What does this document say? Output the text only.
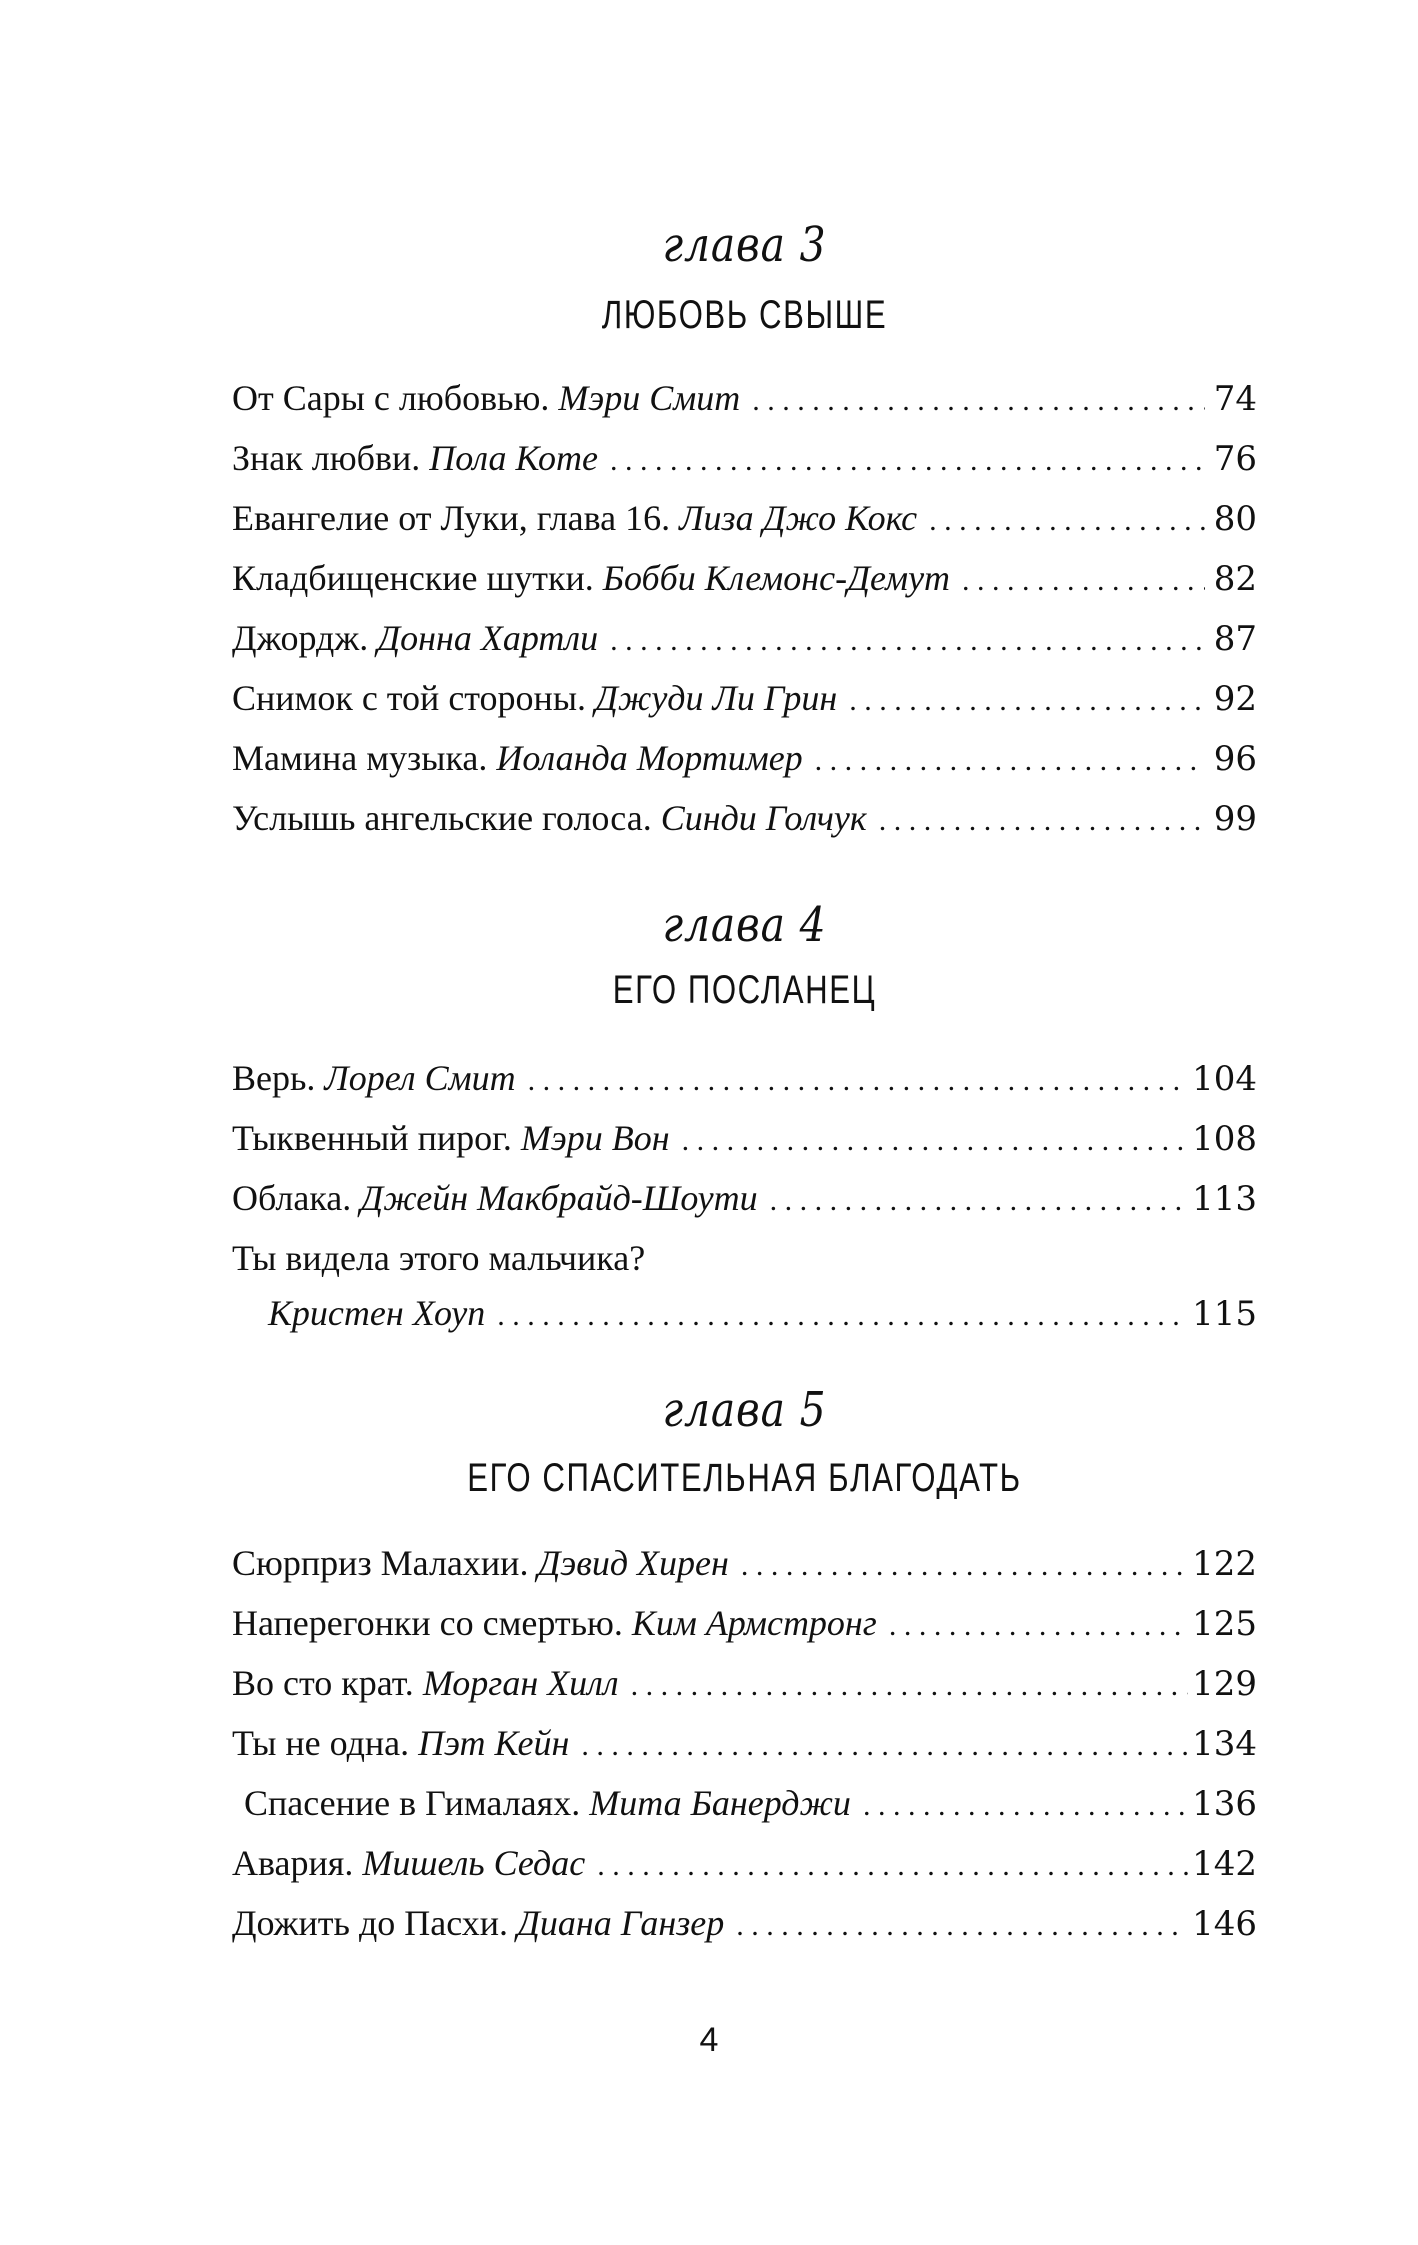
глава 3
ЛЮБОВЬ СВЫШЕ
От Сары с любовью. Мэри Смит . . .	74
Знак любви. Пола Коте . . .	76
Евангелие от Луки, глава 16. Лиза Джо Кокс . . .	80
Кладбищенские шутки. Бобби Клемонс-Демут . . .	82
Джордж. Донна Хартли . . .	87
Снимок с той стороны. Джуди Ли Грин . . .	92
Мамина музыка. Иоланда Мортимер . . .	96
Услышь ангельские голоса. Синди Голчук . . .	99
глава 4
ЕГО ПОСЛАНЕЦ
Верь. Лорел Смит . . .	104
Тыквенный пирог. Мэри Вон . . .	108
Облака. Джейн Макбрайд-Шоути . . .	113
Ты видела этого мальчика?
Кристен Хоуп . . .	115
глава 5
ЕГО СПАСИТЕЛЬНАЯ БЛАГОДАТЬ
Сюрприз Малахии. Дэвид Хирен . . .	122
Наперегонки со смертью. Ким Армстронг . . .	125
Во сто крат. Морган Хилл . . .	129
Ты не одна. Пэт Кейн . . .	134
Спасение в Гималаях. Мита Банерджи . . .	136
Авария. Мишель Седас . . .	142
Дожить до Пасхи. Диана Ганзер . . .	146
4
